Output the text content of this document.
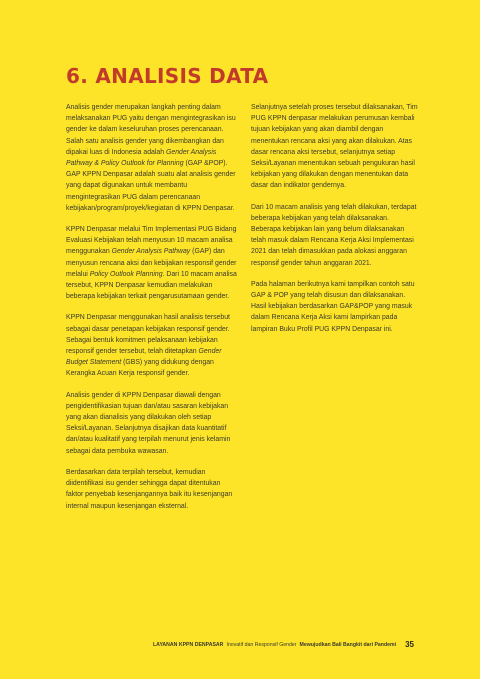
6. ANALISIS DATA

Analisis gender merupakan langkah penting dalam melaksanakan PUG yaitu dengan mengintegrasikan isu gender ke dalam keseluruhan proses perencanaan. Salah satu analisis gender yang dikembangkan dan dipakai luas di Indonesia adalah Gender Analysis Pathway & Policy Outlook for Planning (GAP &POP). GAP KPPN Denpasar adalah suatu alat analisis gender yang dapat digunakan untuk membantu mengintegrasikan PUG dalam perencanaan kebijakan/program/proyek/kegiatan di KPPN Denpasar.

KPPN Denpasar melalui Tim Implementasi PUG Bidang Evaluasi Kebijakan telah menyusun 10 macam analisa menggunakan Gender Analysis Pathway (GAP) dan menyusun rencana aksi dan kebijakan responsif gender melalui Policy Outlook Planning. Dari 10 macam analisa tersebut, KPPN Denpasar kemudian melakukan beberapa kebijakan terkait pengarusutamaan gender.

KPPN Denpasar menggunakan hasil analisis tersebut sebagai dasar penetapan kebijakan responsif gender. Sebagai bentuk komitmen pelaksanaan kebijakan responsif gender tersebut, telah ditetapkan Gender Budget Statement (GBS) yang didukung dengan Kerangka Acuan Kerja responsif gender.

Analisis gender di KPPN Denpasar diawali dengan pengidentifikasian tujuan dan/atau sasaran kebijakan yang akan dianalisis yang dilakukan oleh setiap Seksi/Layanan. Selanjutnya disajikan data kuantitatif dan/atau kualitatif yang terpilah menurut jenis kelamin sebagai data pembuka wawasan.

Berdasarkan data terpilah tersebut, kemudian diidentifikasi isu gender sehingga dapat ditentukan faktor penyebab kesenjangannya baik itu kesenjangan internal maupun kesenjangan eksternal.

Selanjutnya setelah proses tersebut dilaksanakan, Tim PUG KPPN denpasar melakukan perumusan kembali tujuan kebijakan yang akan diambil dengan menentukan rencana aksi yang akan dilakukan. Atas dasar rencana aksi tersebut, selanjutnya setiap Seksi/Layanan menentukan sebuah pengukuran hasil kebijakan yang dilakukan dengan menentukan data dasar dan indikator gendernya.

Dari 10 macam analisis yang telah dilakukan, terdapat beberapa kebijakan yang telah dilaksanakan. Beberapa kebijakan lain yang belum dilaksanakan telah masuk dalam Rencana Kerja Aksi Implementasi 2021 dan telah dimasukkan pada alokasi anggaran responsif gender tahun anggaran 2021.

Pada halaman berikutnya kami tampilkan contoh satu GAP & POP yang telah disusun dan dilaksanakan. Hasil kebijakan berdasarkan GAP&POP yang masuk dalam Rencana Kerja Aksi kami lampirkan pada lampiran Buku Profil PUG KPPN Denpasar ini.

LAYANAN KPPN DENPASAR Inovatif dan Responsif Gender Mewujudkan Bali Bangkit dari Pandemi 35
